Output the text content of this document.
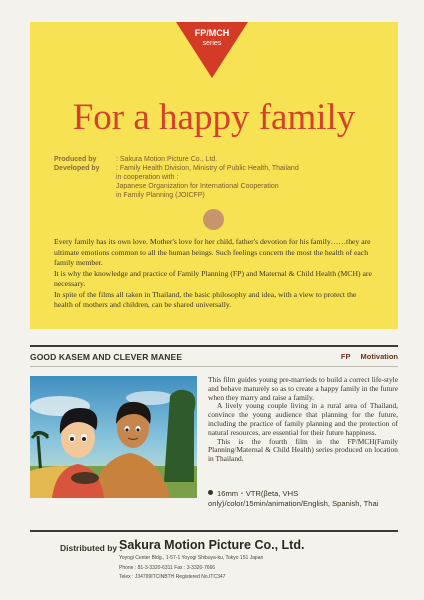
FP/MCH
series
For a happy family
Produced by	: Sakura Motion Picture Co., Ltd.
Developed by	: Family Health Division, Ministry of Public Health, Thailand
in cooperation with :
Japanese Organization for International Cooperation
in Family Planning (JOICFP)

Every family has its own love. Mother's love for her child, father's devotion for his family……they are ultimate emotions common to all the human beings. Such feelings concern the most the health of each family member.

It is why the knowledge and practice of Family Planning (FP) and Maternal & Child Health (MCH) are necessary.

In spite of the films all taken in Thailand, the basic philosophy and idea, with a view to protect the health of mothers and children, can be shared universally.

GOOD KASEM AND CLEVER MANEE	FP Motivation

This film guides young pre-marrieds to build a correct life-style and behave maturely so as to create a happy family in the future when they marry and raise a family.

A lively young couple living in a rural area of Thailand, convince the young audience that planning for the future, including the practice of family planning and the protection of natural resources, are essential for their future happiness.

This is the fourth film in the FP/MCH(Family Planning/Maternal & Child Health) series produced on location in Thailand.

16mm・VTR(βeta, VHS only)/color/15min/animation/English, Spanish, Thai
Distributed by :
Sakura Motion Picture Co., Ltd.
Yoyogi Center Bldg., 1-57-1 Yoyogi Shibuya-ku, Tokyo 151 Japan
Phone : 81-3-3320-6311 Fax : 3-3320-7666
Telex : J34799ITCINBTH Registered No.ITC347
